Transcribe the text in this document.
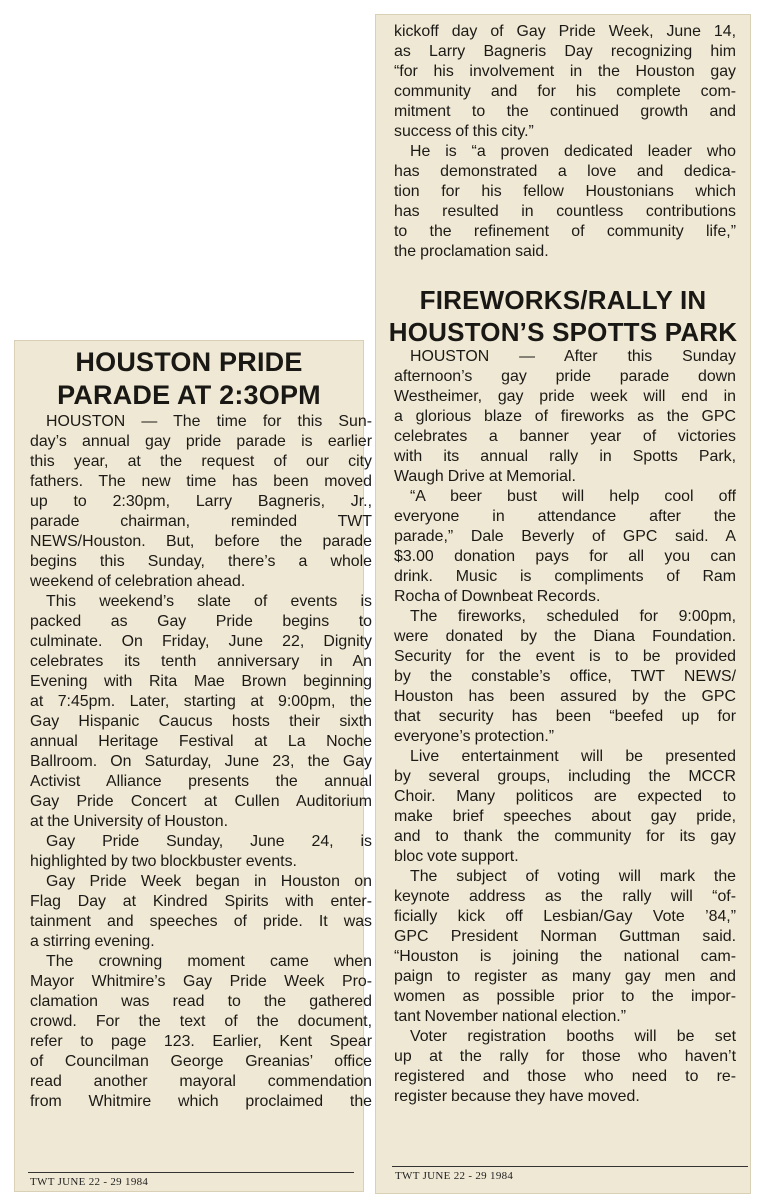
HOUSTON PRIDE
PARADE AT 2:3OPM
HOUSTON — The time for this Sun-
day’s annual gay pride parade is earlier
this year, at the request of our city
fathers. The new time has been moved
up to 2:30pm, Larry Bagneris, Jr.,
parade chairman, reminded TWT
NEWS/Houston. But, before the parade
begins this Sunday, there’s a whole
weekend of celebration ahead.
This weekend’s slate of events is
packed as Gay Pride begins to
culminate. On Friday, June 22, Dignity
celebrates its tenth anniversary in An
Evening with Rita Mae Brown beginning
at 7:45pm. Later, starting at 9:00pm, the
Gay Hispanic Caucus hosts their sixth
annual Heritage Festival at La Noche
Ballroom. On Saturday, June 23, the Gay
Activist Alliance presents the annual
Gay Pride Concert at Cullen Auditorium
at the University of Houston.
Gay Pride Sunday, June 24, is
highlighted by two blockbuster events.
Gay Pride Week began in Houston on
Flag Day at Kindred Spirits with enter-
tainment and speeches of pride. It was
a stirring evening.
The crowning moment came when
Mayor Whitmire’s Gay Pride Week Pro-
clamation was read to the gathered
crowd. For the text of the document,
refer to page 123. Earlier, Kent Spear
of Councilman George Greanias’ office
read another mayoral commendation
from Whitmire which proclaimed the
kickoff day of Gay Pride Week, June 14,
as Larry Bagneris Day recognizing him
“for his involvement in the Houston gay
community and for his complete com-
mitment to the continued growth and
success of this city.”
He is “a proven dedicated leader who
has demonstrated a love and dedica-
tion for his fellow Houstonians which
has resulted in countless contributions
to the refinement of community life,”
the proclamation said.
FIREWORKS/RALLY IN
HOUSTON’S SPOTTS PARK
HOUSTON — After this Sunday
afternoon’s gay pride parade down
Westheimer, gay pride week will end in
a glorious blaze of fireworks as the GPC
celebrates a banner year of victories
with its annual rally in Spotts Park,
Waugh Drive at Memorial.
“A beer bust will help cool off
everyone in attendance after the
parade,” Dale Beverly of GPC said. A
$3.00 donation pays for all you can
drink. Music is compliments of Ram
Rocha of Downbeat Records.
The fireworks, scheduled for 9:00pm,
were donated by the Diana Foundation.
Security for the event is to be provided
by the constable’s office, TWT NEWS/
Houston has been assured by the GPC
that security has been “beefed up for
everyone’s protection.”
Live entertainment will be presented
by several groups, including the MCCR
Choir. Many politicos are expected to
make brief speeches about gay pride,
and to thank the community for its gay
bloc vote support.
The subject of voting will mark the
keynote address as the rally will “of-
ficially kick off Lesbian/Gay Vote ’84,”
GPC President Norman Guttman said.
“Houston is joining the national cam-
paign to register as many gay men and
women as possible prior to the impor-
tant November national election.”
Voter registration booths will be set
up at the rally for those who haven’t
registered and those who need to re-
register because they have moved.
TWT JUNE 22 - 29 1984	TWT JUNE 22 - 29 1984
